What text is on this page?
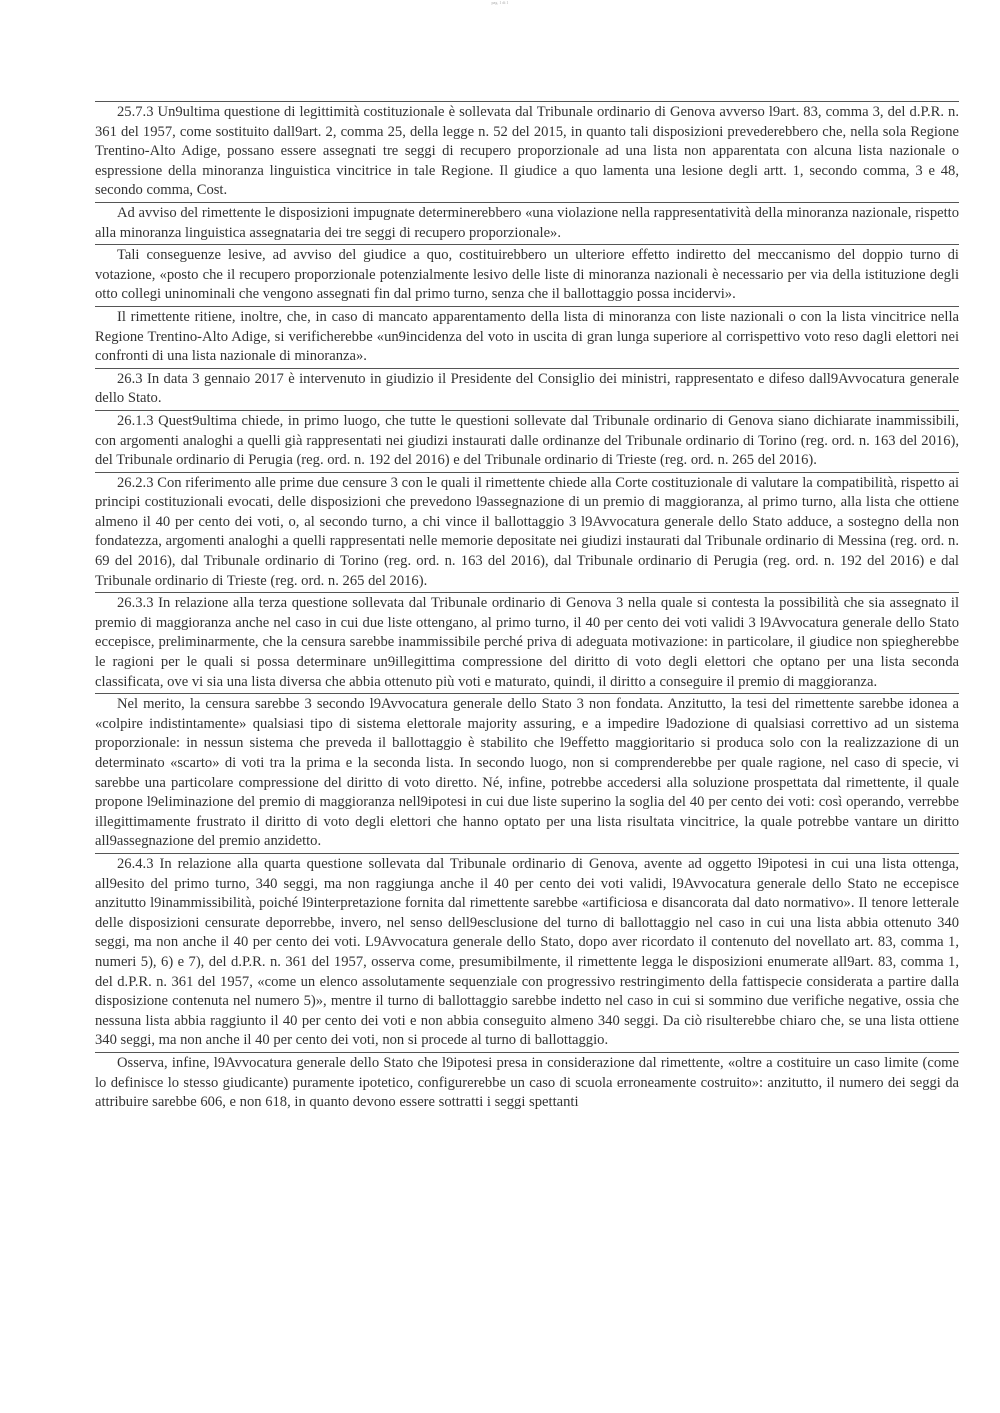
pag. 1 di 1

25.7.3 Un9ultima questione di legittimità costituzionale è sollevata dal Tribunale ordinario di Genova avverso l9art. 83, comma 3, del d.P.R. n. 361 del 1957, come sostituito dall9art. 2, comma 25, della legge n. 52 del 2015, in quanto tali disposizioni prevederebbero che, nella sola Regione Trentino-Alto Adige, possano essere assegnati tre seggi di recupero proporzionale ad una lista non apparentata con alcuna lista nazionale o espressione della minoranza linguistica vincitrice in tale Regione. Il giudice a quo lamenta una lesione degli artt. 1, secondo comma, 3 e 48, secondo comma, Cost.

Ad avviso del rimettente le disposizioni impugnate determinerebbero «una violazione nella rappresentatività della minoranza nazionale, rispetto alla minoranza linguistica assegnataria dei tre seggi di recupero proporzionale».

Tali conseguenze lesive, ad avviso del giudice a quo, costituirebbero un ulteriore effetto indiretto del meccanismo del doppio turno di votazione, «posto che il recupero proporzionale potenzialmente lesivo delle liste di minoranza nazionali è necessario per via della istituzione degli otto collegi uninominali che vengono assegnati fin dal primo turno, senza che il ballottaggio possa incidervi».

Il rimettente ritiene, inoltre, che, in caso di mancato apparentamento della lista di minoranza con liste nazionali o con la lista vincitrice nella Regione Trentino-Alto Adige, si verificherebbe «un9incidenza del voto in uscita di gran lunga superiore al corrispettivo voto reso dagli elettori nei confronti di una lista nazionale di minoranza».

26.3 In data 3 gennaio 2017 è intervenuto in giudizio il Presidente del Consiglio dei ministri, rappresentato e difeso dall9Avvocatura generale dello Stato.

26.1.3 Quest9ultima chiede, in primo luogo, che tutte le questioni sollevate dal Tribunale ordinario di Genova siano dichiarate inammissibili, con argomenti analoghi a quelli già rappresentati nei giudizi instaurati dalle ordinanze del Tribunale ordinario di Torino (reg. ord. n. 163 del 2016), del Tribunale ordinario di Perugia (reg. ord. n. 192 del 2016) e del Tribunale ordinario di Trieste (reg. ord. n. 265 del 2016).

26.2.3 Con riferimento alle prime due censure 3 con le quali il rimettente chiede alla Corte costituzionale di valutare la compatibilità, rispetto ai principi costituzionali evocati, delle disposizioni che prevedono l9assegnazione di un premio di maggioranza, al primo turno, alla lista che ottiene almeno il 40 per cento dei voti, o, al secondo turno, a chi vince il ballottaggio 3 l9Avvocatura generale dello Stato adduce, a sostegno della non fondatezza, argomenti analoghi a quelli rappresentati nelle memorie depositate nei giudizi instaurati dal Tribunale ordinario di Messina (reg. ord. n. 69 del 2016), dal Tribunale ordinario di Torino (reg. ord. n. 163 del 2016), dal Tribunale ordinario di Perugia (reg. ord. n. 192 del 2016) e dal Tribunale ordinario di Trieste (reg. ord. n. 265 del 2016).

26.3.3 In relazione alla terza questione sollevata dal Tribunale ordinario di Genova 3 nella quale si contesta la possibilità che sia assegnato il premio di maggioranza anche nel caso in cui due liste ottengano, al primo turno, il 40 per cento dei voti validi 3 l9Avvocatura generale dello Stato eccepisce, preliminarmente, che la censura sarebbe inammissibile perché priva di adeguata motivazione: in particolare, il giudice non spiegherebbe le ragioni per le quali si possa determinare un9illegittima compressione del diritto di voto degli elettori che optano per una lista seconda classificata, ove vi sia una lista diversa che abbia ottenuto più voti e maturato, quindi, il diritto a conseguire il premio di maggioranza.

Nel merito, la censura sarebbe 3 secondo l9Avvocatura generale dello Stato 3 non fondata. Anzitutto, la tesi del rimettente sarebbe idonea a «colpire indistintamente» qualsiasi tipo di sistema elettorale majority assuring, e a impedire l9adozione di qualsiasi correttivo ad un sistema proporzionale: in nessun sistema che preveda il ballottaggio è stabilito che l9effetto maggioritario si produca solo con la realizzazione di un determinato «scarto» di voti tra la prima e la seconda lista. In secondo luogo, non si comprenderebbe per quale ragione, nel caso di specie, vi sarebbe una particolare compressione del diritto di voto diretto. Né, infine, potrebbe accedersi alla soluzione prospettata dal rimettente, il quale propone l9eliminazione del premio di maggioranza nell9ipotesi in cui due liste superino la soglia del 40 per cento dei voti: così operando, verrebbe illegittimamente frustrato il diritto di voto degli elettori che hanno optato per una lista risultata vincitrice, la quale potrebbe vantare un diritto all9assegnazione del premio anzidetto.

26.4.3 In relazione alla quarta questione sollevata dal Tribunale ordinario di Genova, avente ad oggetto l9ipotesi in cui una lista ottenga, all9esito del primo turno, 340 seggi, ma non raggiunga anche il 40 per cento dei voti validi, l9Avvocatura generale dello Stato ne eccepisce anzitutto l9inammissibilità, poiché l9interpretazione fornita dal rimettente sarebbe «artificiosa e disancorata dal dato normativo». Il tenore letterale delle disposizioni censurate deporrebbe, invero, nel senso dell9esclusione del turno di ballottaggio nel caso in cui una lista abbia ottenuto 340 seggi, ma non anche il 40 per cento dei voti. L9Avvocatura generale dello Stato, dopo aver ricordato il contenuto del novellato art. 83, comma 1, numeri 5), 6) e 7), del d.P.R. n. 361 del 1957, osserva come, presumibilmente, il rimettente legga le disposizioni enumerate all9art. 83, comma 1, del d.P.R. n. 361 del 1957, «come un elenco assolutamente sequenziale con progressivo restringimento della fattispecie considerata a partire dalla disposizione contenuta nel numero 5)», mentre il turno di ballottaggio sarebbe indetto nel caso in cui si sommino due verifiche negative, ossia che nessuna lista abbia raggiunto il 40 per cento dei voti e non abbia conseguito almeno 340 seggi. Da ciò risulterebbe chiaro che, se una lista ottiene 340 seggi, ma non anche il 40 per cento dei voti, non si procede al turno di ballottaggio.

Osserva, infine, l9Avvocatura generale dello Stato che l9ipotesi presa in considerazione dal rimettente, «oltre a costituire un caso limite (come lo definisce lo stesso giudicante) puramente ipotetico, configurerebbe un caso di scuola erroneamente costruito»: anzitutto, il numero dei seggi da attribuire sarebbe 606, e non 618, in quanto devono essere sottratti i seggi spettanti
